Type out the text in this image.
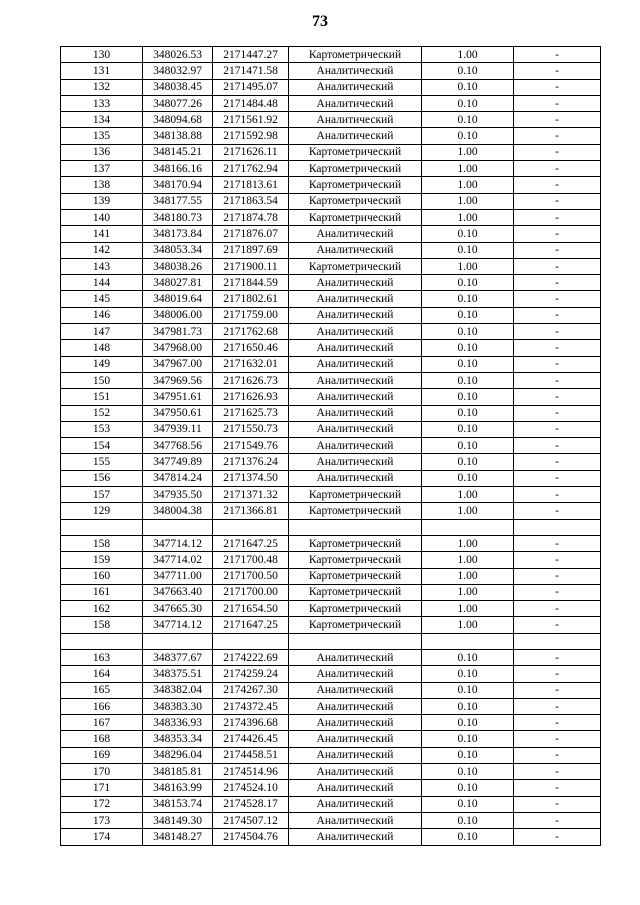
73
130	348026.53	2171447.27	Картометрический	1.00	-
131	348032.97	2171471.58	Аналитический	0.10	-
132	348038.45	2171495.07	Аналитический	0.10	-
133	348077.26	2171484.48	Аналитический	0.10	-
134	348094.68	2171561.92	Аналитический	0.10	-
135	348138.88	2171592.98	Аналитический	0.10	-
136	348145.21	2171626.11	Картометрический	1.00	-
137	348166.16	2171762.94	Картометрический	1.00	-
138	348170.94	2171813.61	Картометрический	1.00	-
139	348177.55	2171863.54	Картометрический	1.00	-
140	348180.73	2171874.78	Картометрический	1.00	-
141	348173.84	2171876.07	Аналитический	0.10	-
142	348053.34	2171897.69	Аналитический	0.10	-
143	348038.26	2171900.11	Картометрический	1.00	-
144	348027.81	2171844.59	Аналитический	0.10	-
145	348019.64	2171802.61	Аналитический	0.10	-
146	348006.00	2171759.00	Аналитический	0.10	-
147	347981.73	2171762.68	Аналитический	0.10	-
148	347968.00	2171650.46	Аналитический	0.10	-
149	347967.00	2171632.01	Аналитический	0.10	-
150	347969.56	2171626.73	Аналитический	0.10	-
151	347951.61	2171626.93	Аналитический	0.10	-
152	347950.61	2171625.73	Аналитический	0.10	-
153	347939.11	2171550.73	Аналитический	0.10	-
154	347768.56	2171549.76	Аналитический	0.10	-
155	347749.89	2171376.24	Аналитический	0.10	-
156	347814.24	2171374.50	Аналитический	0.10	-
157	347935.50	2171371.32	Картометрический	1.00	-
129	348004.38	2171366.81	Картометрический	1.00	-

158	347714.12	2171647.25	Картометрический	1.00	-
159	347714.02	2171700.48	Картометрический	1.00	-
160	347711.00	2171700.50	Картометрический	1.00	-
161	347663.40	2171700.00	Картометрический	1.00	-
162	347665.30	2171654.50	Картометрический	1.00	-
158	347714.12	2171647.25	Картометрический	1.00	-

163	348377.67	2174222.69	Аналитический	0.10	-
164	348375.51	2174259.24	Аналитический	0.10	-
165	348382.04	2174267.30	Аналитический	0.10	-
166	348383.30	2174372.45	Аналитический	0.10	-
167	348336.93	2174396.68	Аналитический	0.10	-
168	348353.34	2174426.45	Аналитический	0.10	-
169	348296.04	2174458.51	Аналитический	0.10	-
170	348185.81	2174514.96	Аналитический	0.10	-
171	348163.99	2174524.10	Аналитический	0.10	-
172	348153.74	2174528.17	Аналитический	0.10	-
173	348149.30	2174507.12	Аналитический	0.10	-
174	348148.27	2174504.76	Аналитический	0.10	-
